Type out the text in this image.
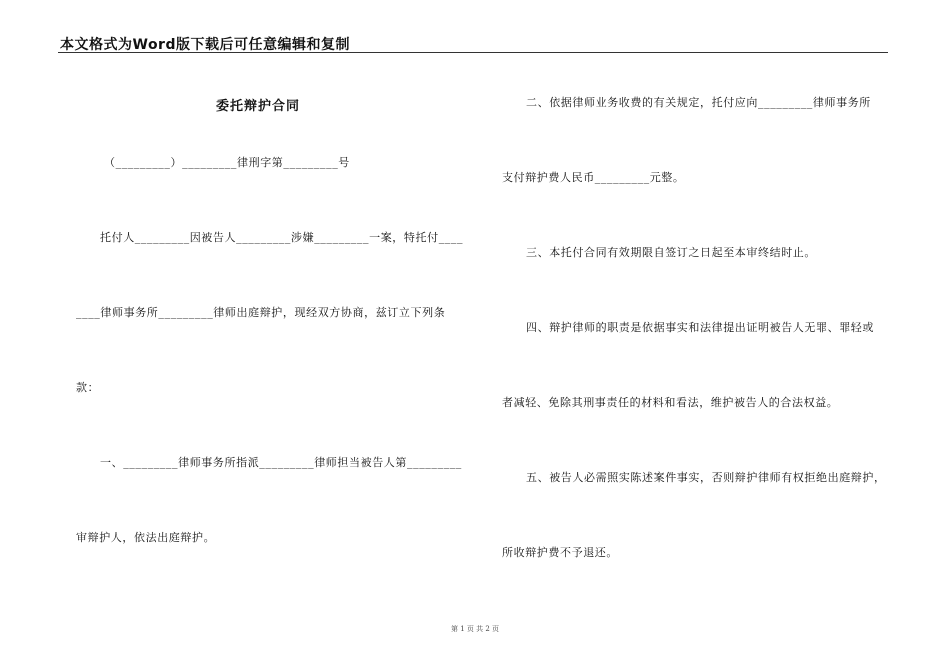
本文格式为Word版下载后可任意编辑和复制
委托辩护合同
（_________）_________律刑字第_________号
托付人_________因被告人_________涉嫌_________一案，特托付____
____律师事务所_________律师出庭辩护，现经双方协商，兹订立下列条
款：
一、_________律师事务所指派_________律师担当被告人第_________
审辩护人，依法出庭辩护。
二、依据律师业务收费的有关规定，托付应向_________律师事务所
支付辩护费人民币_________元整。
三、本托付合同有效期限自签订之日起至本审终结时止。
四、辩护律师的职责是依据事实和法律提出证明被告人无罪、罪轻或
者减轻、免除其刑事责任的材料和看法，维护被告人的合法权益。
五、被告人必需照实陈述案件事实，否则辩护律师有权拒绝出庭辩护，
所收辩护费不予退还。
第 1 页 共 2 页
